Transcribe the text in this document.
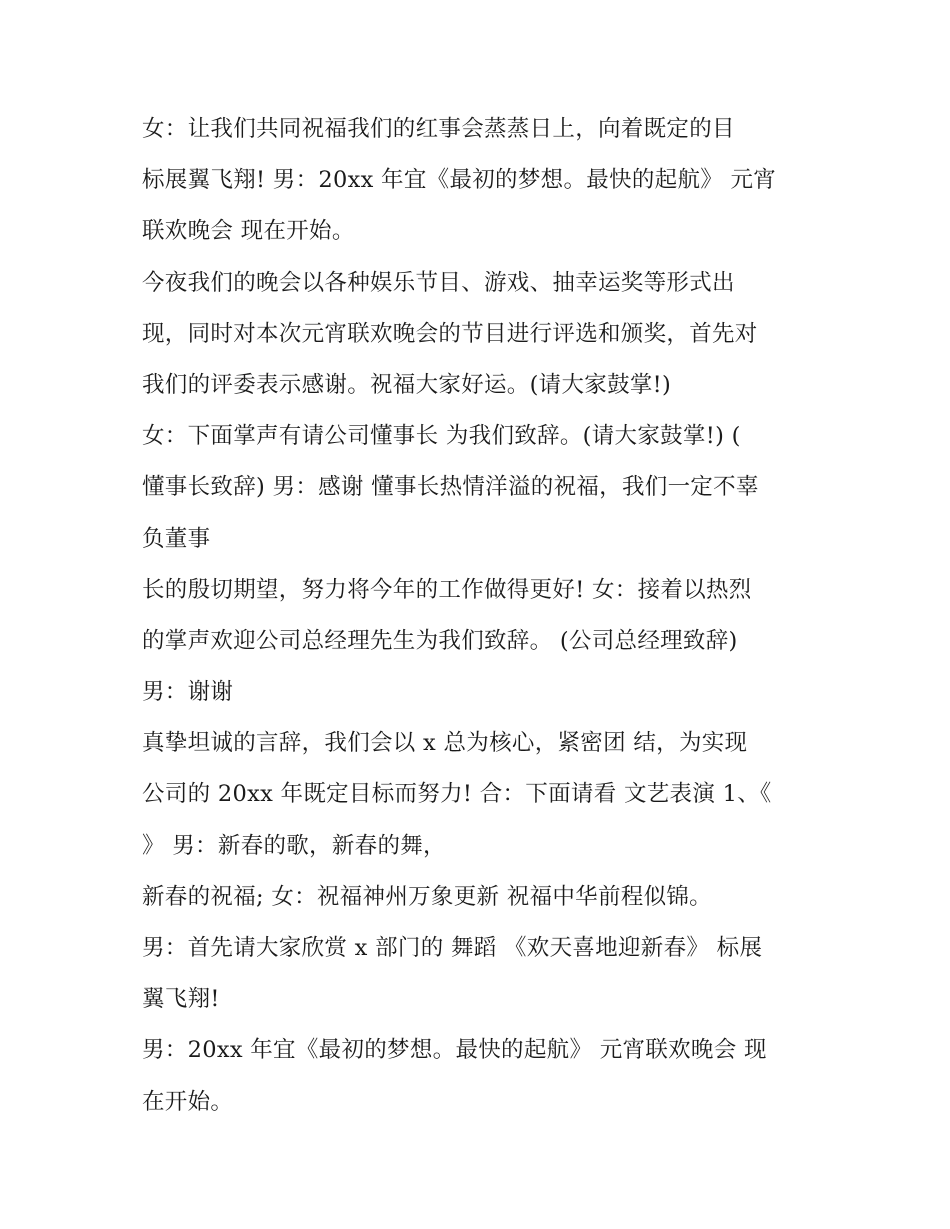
女：让我们共同祝福我们的红事会蒸蒸日上，向着既定的目
标展翼飞翔! 男：20xx 年宜《最初的梦想。最快的起航》 元宵
联欢晚会 现在开始。
今夜我们的晚会以各种娱乐节目、游戏、抽幸运奖等形式出
现，同时对本次元宵联欢晚会的节目进行评选和颁奖，首先对
我们的评委表示感谢。祝福大家好运。(请大家鼓掌!)
女：下面掌声有请公司懂事长 为我们致辞。(请大家鼓掌!) (
懂事长致辞) 男：感谢 懂事长热情洋溢的祝福，我们一定不辜
负董事
长的殷切期望，努力将今年的工作做得更好! 女：接着以热烈
的掌声欢迎公司总经理先生为我们致辞。 (公司总经理致辞)
男：谢谢
真挚坦诚的言辞，我们会以 x 总为核心，紧密团 结，为实现
公司的 20xx 年既定目标而努力! 合：下面请看 文艺表演 1、《
》 男：新春的歌，新春的舞，
新春的祝福; 女：祝福神州万象更新 祝福中华前程似锦。
男：首先请大家欣赏 x 部门的 舞蹈 《欢天喜地迎新春》 标展
翼飞翔!
男：20xx 年宜《最初的梦想。最快的起航》 元宵联欢晚会 现
在开始。
